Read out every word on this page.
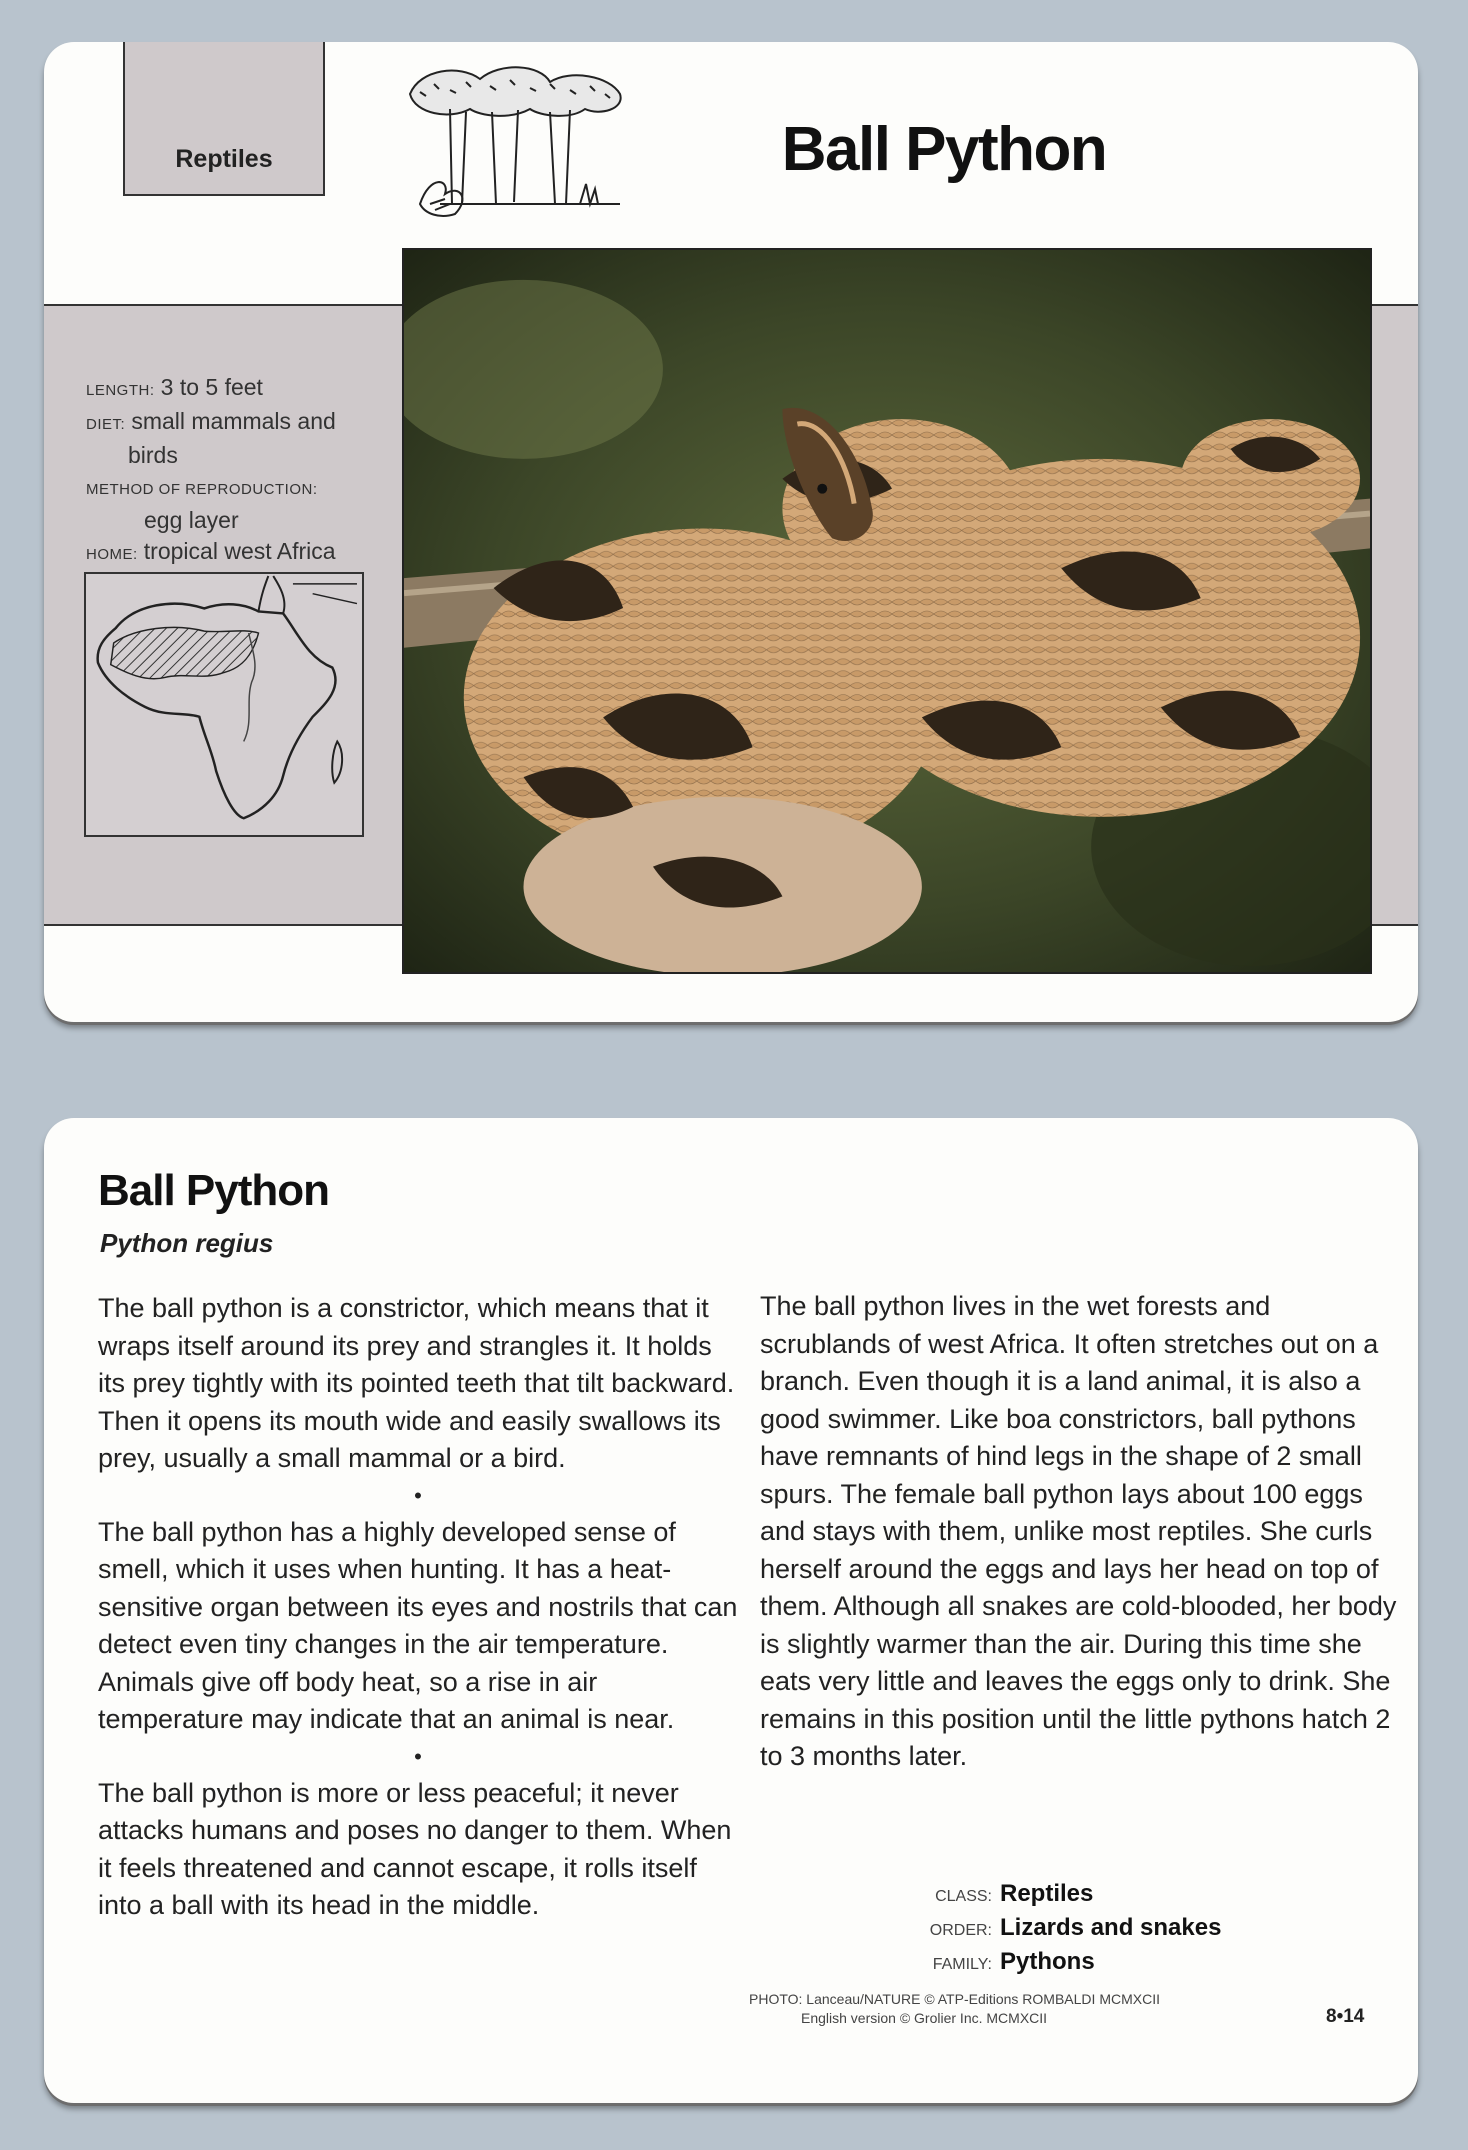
Reptiles	Ball Python
LENGTH: 3 to 5 feet
DIET: small mammals and
birds
METHOD OF REPRODUCTION:
egg layer
HOME: tropical west Africa
Ball Python
Python regius

The ball python is a constrictor, which means that it wraps itself around its prey and strangles it. It holds its prey tightly with its pointed teeth that tilt backward. Then it opens its mouth wide and easily swallows its prey, usually a small mammal or a bird.

•

The ball python has a highly developed sense of smell, which it uses when hunting. It has a heat-sensitive organ between its eyes and nostrils that can detect even tiny changes in the air temperature. Animals give off body heat, so a rise in air temperature may indicate that an animal is near.

•

The ball python is more or less peaceful; it never attacks humans and poses no danger to them. When it feels threatened and cannot escape, it rolls itself into a ball with its head in the middle.

The ball python lives in the wet forests and scrublands of west Africa. It often stretches out on a branch. Even though it is a land animal, it is also a good swimmer. Like boa constrictors, ball pythons have remnants of hind legs in the shape of 2 small spurs. The female ball python lays about 100 eggs and stays with them, unlike most reptiles. She curls herself around the eggs and lays her head on top of them. Although all snakes are cold-blooded, her body is slightly warmer than the air. During this time she eats very little and leaves the eggs only to drink. She remains in this position until the little pythons hatch 2 to 3 months later.

CLASS: Reptiles
ORDER: Lizards and snakes
FAMILY: Pythons
PHOTO: Lanceau/NATURE © ATP-Editions ROMBALDI MCMXCII
English version © Grolier Inc. MCMXCII	8•14
